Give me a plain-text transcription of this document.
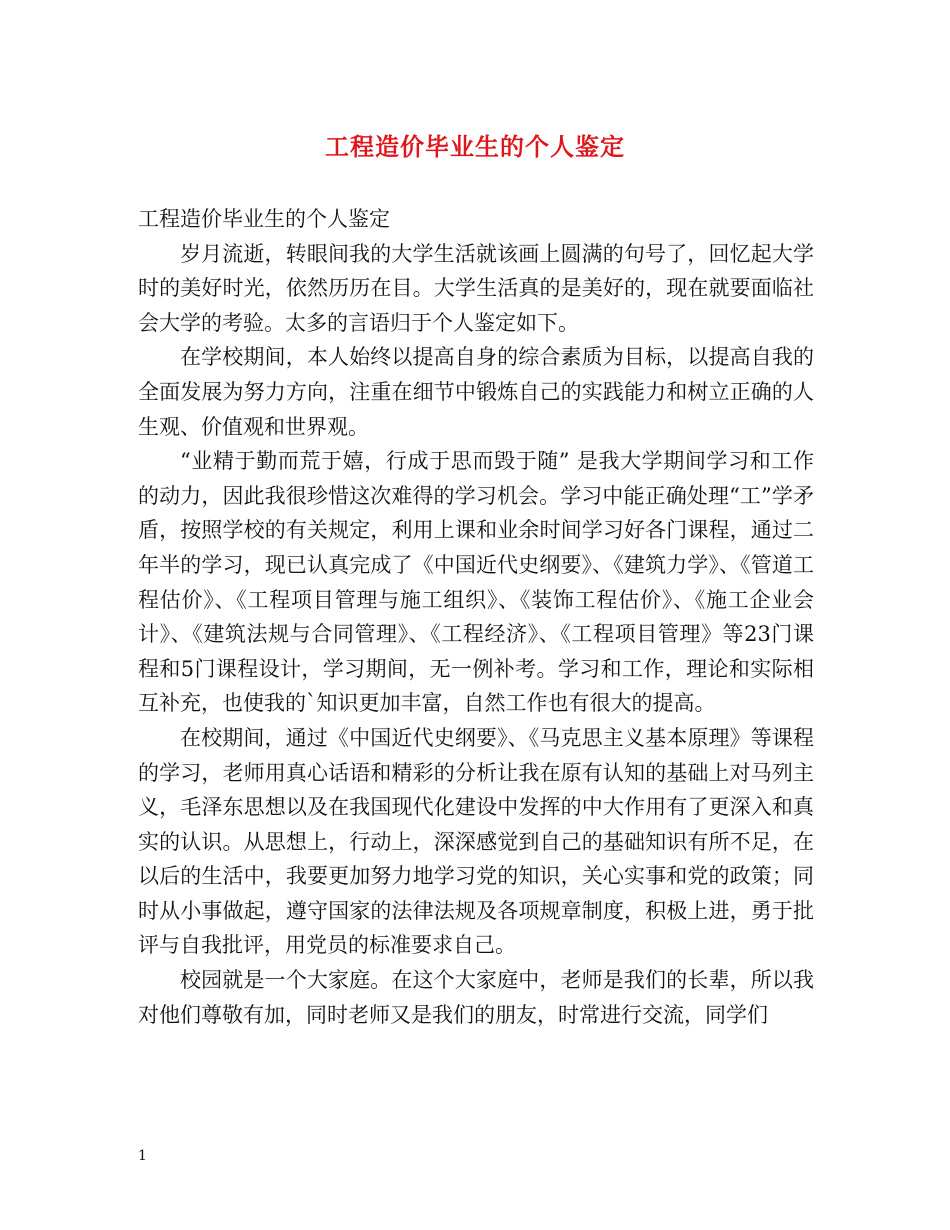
工程造价毕业生的个人鉴定

工程造价毕业生的个人鉴定

岁月流逝，转眼间我的大学生活就该画上圆满的句号了，回忆起大学时的美好时光，依然历历在目。大学生活真的是美好的，现在就要面临社会大学的考验。太多的言语归于个人鉴定如下。

在学校期间，本人始终以提高自身的综合素质为目标，以提高自我的全面发展为努力方向，注重在细节中锻炼自己的实践能力和树立正确的人生观、价值观和世界观。

“业精于勤而荒于嬉，行成于思而毁于随” 是我大学期间学习和工作的动力，因此我很珍惜这次难得的学习机会。学习中能正确处理“工”学矛盾，按照学校的有关规定，利用上课和业余时间学习好各门课程，通过二年半的学习，现已认真完成了《中国近代史纲要》、《建筑力学》、《管道工程估价》、《工程项目管理与施工组织》、《装饰工程估价》、《施工企业会计》、《建筑法规与合同管理》、《工程经济》、《工程项目管理》等23门课程和5门课程设计，学习期间，无一例补考。学习和工作，理论和实际相互补充，也使我的`知识更加丰富，自然工作也有很大的提高。

在校期间，通过《中国近代史纲要》、《马克思主义基本原理》等课程的学习，老师用真心话语和精彩的分析让我在原有认知的基础上对马列主义，毛泽东思想以及在我国现代化建设中发挥的中大作用有了更深入和真实的认识。从思想上，行动上，深深感觉到自己的基础知识有所不足，在以后的生活中，我要更加努力地学习党的知识，关心实事和党的政策；同时从小事做起，遵守国家的法律法规及各项规章制度，积极上进，勇于批评与自我批评，用党员的标准要求自己。

校园就是一个大家庭。在这个大家庭中，老师是我们的长辈，所以我对他们尊敬有加，同时老师又是我们的朋友，时常进行交流，同学们

1
